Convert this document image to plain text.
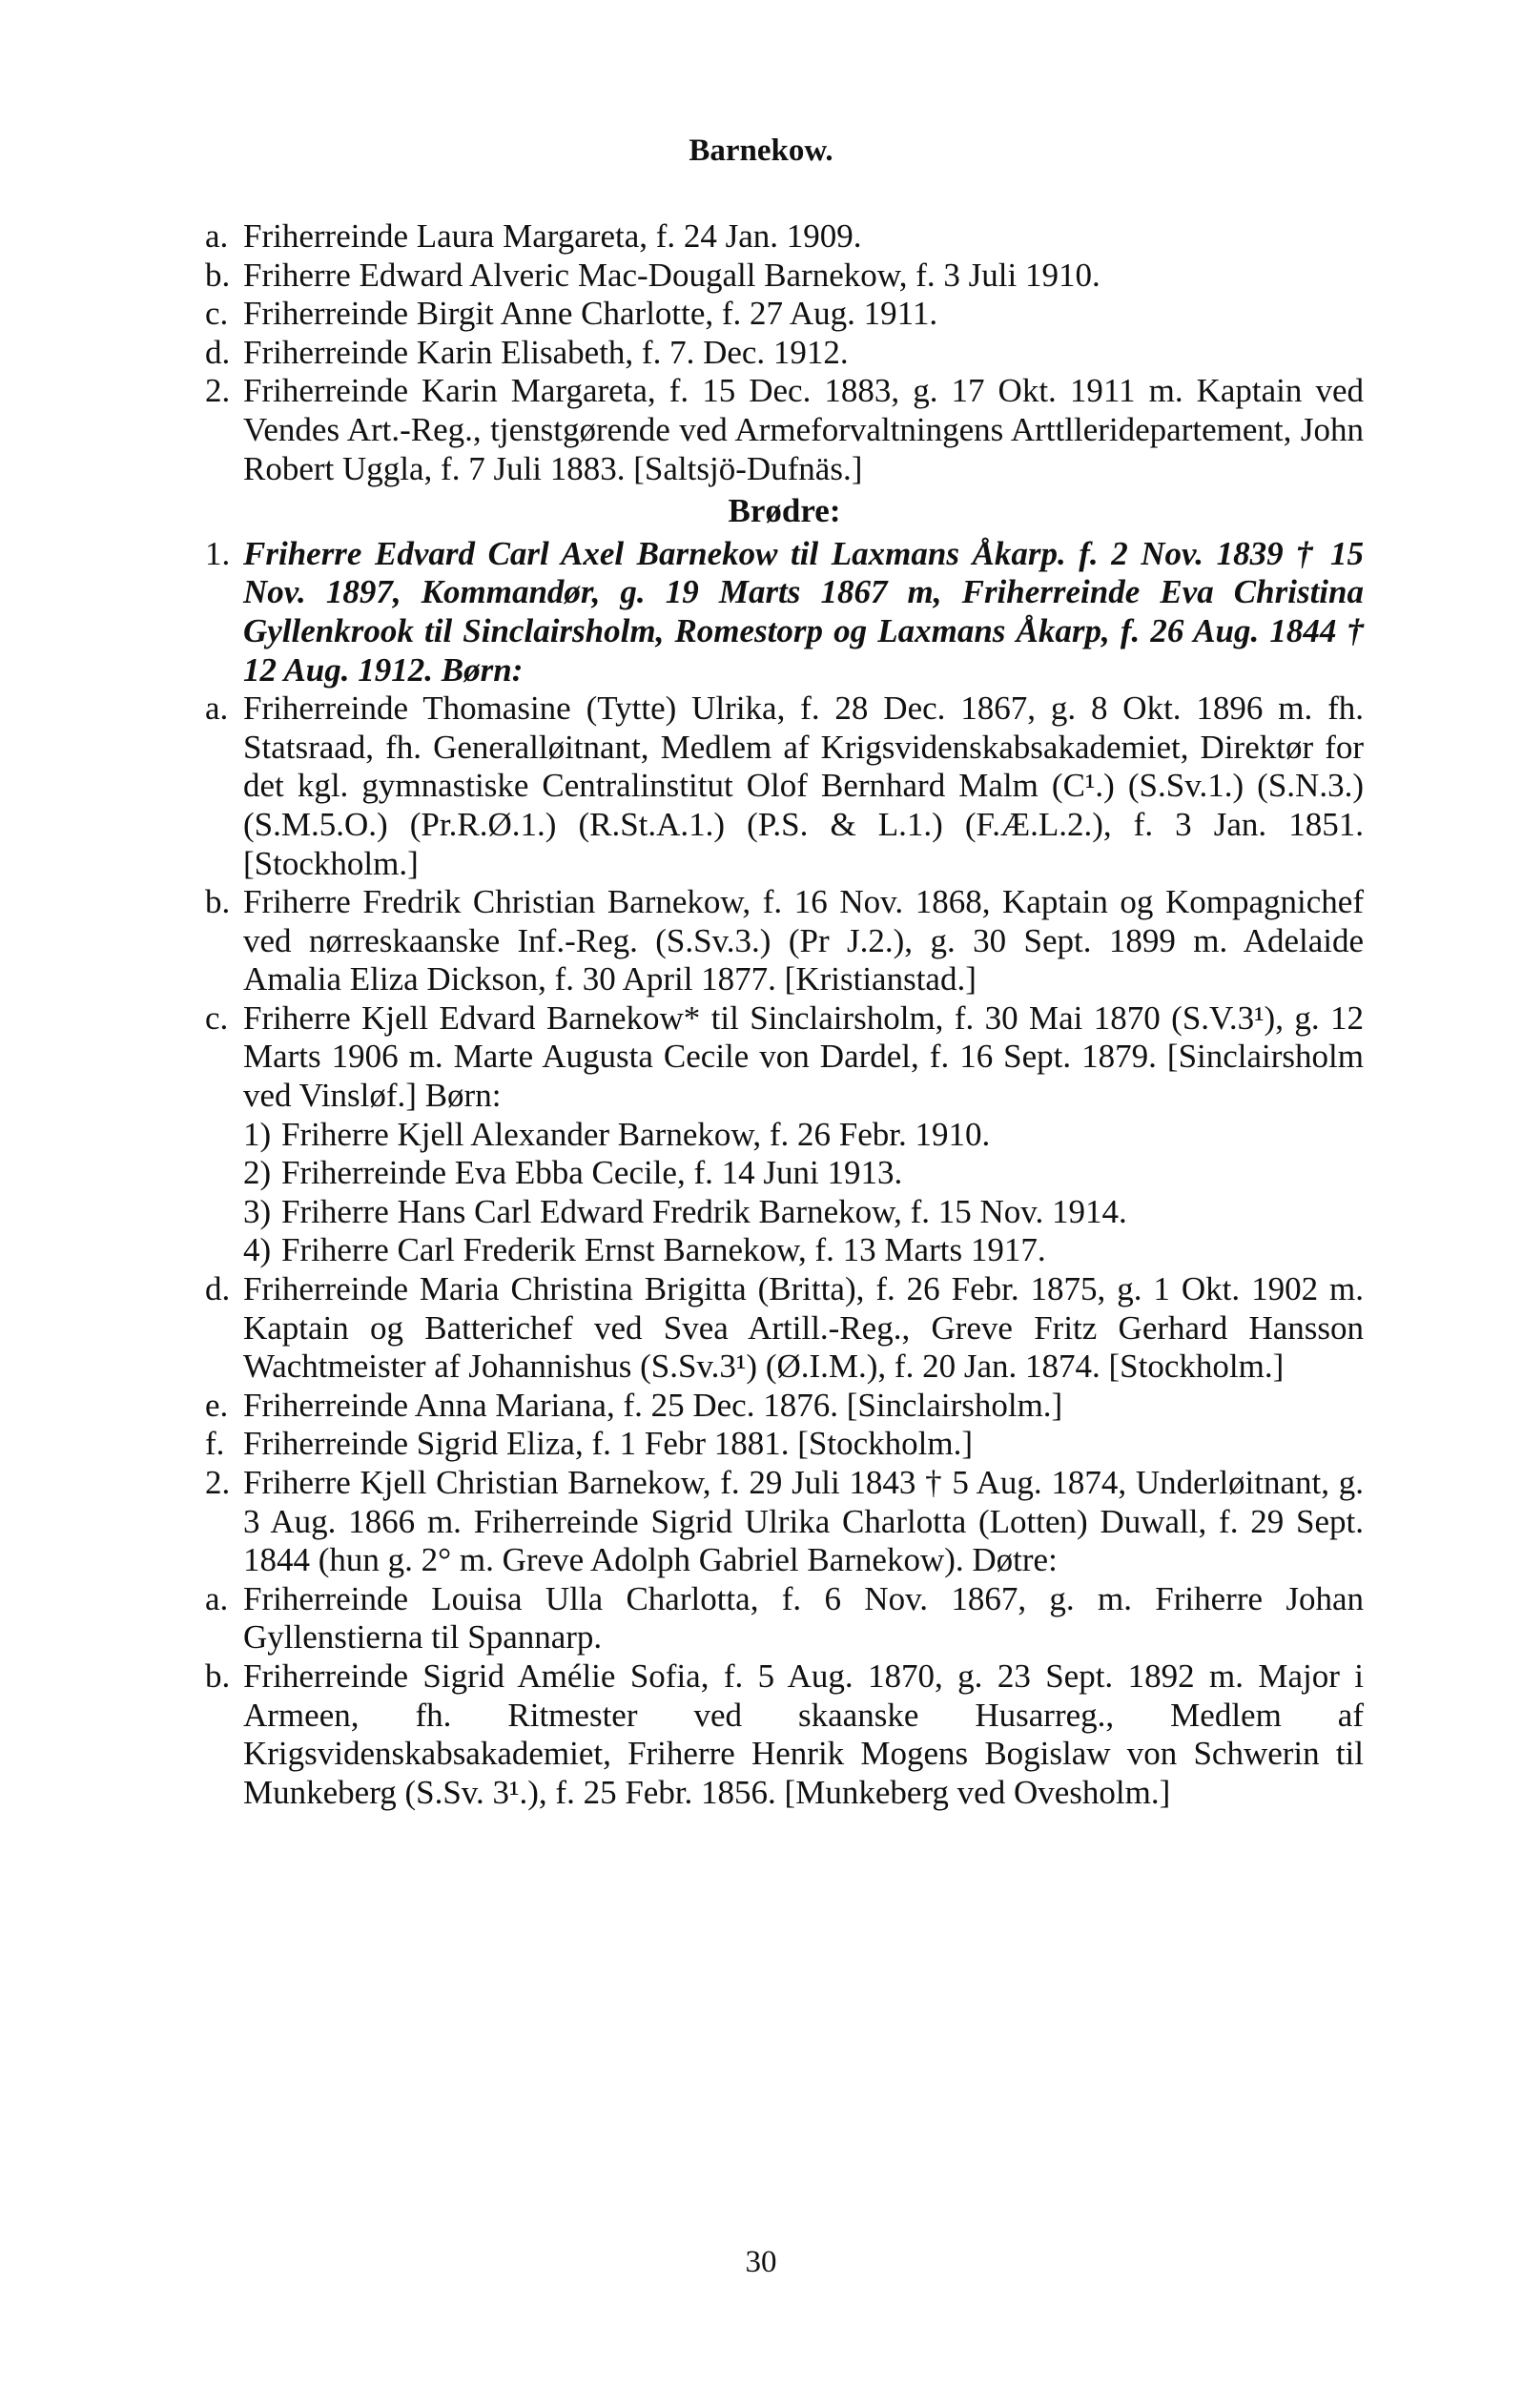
Barnekow.
a. Friherreinde Laura Margareta, f. 24 Jan. 1909.
b. Friherre Edward Alveric Mac-Dougall Barnekow, f. 3 Juli 1910.
c. Friherreinde Birgit Anne Charlotte, f. 27 Aug. 1911.
d. Friherreinde Karin Elisabeth, f. 7. Dec. 1912.
2. Friherreinde Karin Margareta, f. 15 Dec. 1883, g. 17 Okt. 1911 m. Kaptain ved Vendes Art.-Reg., tjenstgørende ved Armeforvaltningens Arttlleridepartement, John Robert Uggla, f. 7 Juli 1883. [Saltsjö-Dufnäs.]
Brødre:
1. Friherre Edvard Carl Axel Barnekow til Laxmans Åkarp. f. 2 Nov. 1839 † 15 Nov. 1897, Kommandør, g. 19 Marts 1867 m, Friherreinde Eva Christina Gyllenkrook til Sinclairsholm, Romestorp og Laxmans Åkarp, f. 26 Aug. 1844 † 12 Aug. 1912. Børn:
a. Friherreinde Thomasine (Tytte) Ulrika, f. 28 Dec. 1867, g. 8 Okt. 1896 m. fh. Statsraad, fh. Generalløitnant, Medlem af Krigsvidenskabsakademiet, Direktør for det kgl. gymnastiske Centralinstitut Olof Bernhard Malm (C¹.) (S.Sv.1.) (S.N.3.) (S.M.5.O.) (Pr.R.Ø.1.) (R.St.A.1.) (P.S. & L.1.) (F.Æ.L.2.), f. 3 Jan. 1851. [Stockholm.]
b. Friherre Fredrik Christian Barnekow, f. 16 Nov. 1868, Kaptain og Kompagnichef ved nørreskaanske Inf.-Reg. (S.Sv.3.) (Pr J.2.), g. 30 Sept. 1899 m. Adelaide Amalia Eliza Dickson, f. 30 April 1877. [Kristianstad.]
c. Friherre Kjell Edvard Barnekow* til Sinclairsholm, f. 30 Mai 1870 (S.V.3¹), g. 12 Marts 1906 m. Marte Augusta Cecile von Dardel, f. 16 Sept. 1879. [Sinclairsholm ved Vinsløf.] Børn:
1) Friherre Kjell Alexander Barnekow, f. 26 Febr. 1910.
2) Friherreinde Eva Ebba Cecile, f. 14 Juni 1913.
3) Friherre Hans Carl Edward Fredrik Barnekow, f. 15 Nov. 1914.
4) Friherre Carl Frederik Ernst Barnekow, f. 13 Marts 1917.
d. Friherreinde Maria Christina Brigitta (Britta), f. 26 Febr. 1875, g. 1 Okt. 1902 m. Kaptain og Batterichef ved Svea Artill.-Reg., Greve Fritz Gerhard Hansson Wachtmeister af Johannishus (S.Sv.3¹) (Ø.I.M.), f. 20 Jan. 1874. [Stockholm.]
e. Friherreinde Anna Mariana, f. 25 Dec. 1876. [Sinclairsholm.]
f. Friherreinde Sigrid Eliza, f. 1 Febr 1881. [Stockholm.]
2. Friherre Kjell Christian Barnekow, f. 29 Juli 1843 † 5 Aug. 1874, Underløitnant, g. 3 Aug. 1866 m. Friherreinde Sigrid Ulrika Charlotta (Lotten) Duwall, f. 29 Sept. 1844 (hun g. 2° m. Greve Adolph Gabriel Barnekow). Døtre:
a. Friherreinde Louisa Ulla Charlotta, f. 6 Nov. 1867, g. m. Friherre Johan Gyllenstierna til Spannarp.
b. Friherreinde Sigrid Amélie Sofia, f. 5 Aug. 1870, g. 23 Sept. 1892 m. Major i Armeen, fh. Ritmester ved skaanske Husarreg., Medlem af Krigsvidenskabsakademiet, Friherre Henrik Mogens Bogislaw von Schwerin til Munkeberg (S.Sv. 3¹.), f. 25 Febr. 1856. [Munkeberg ved Ovesholm.]
30
